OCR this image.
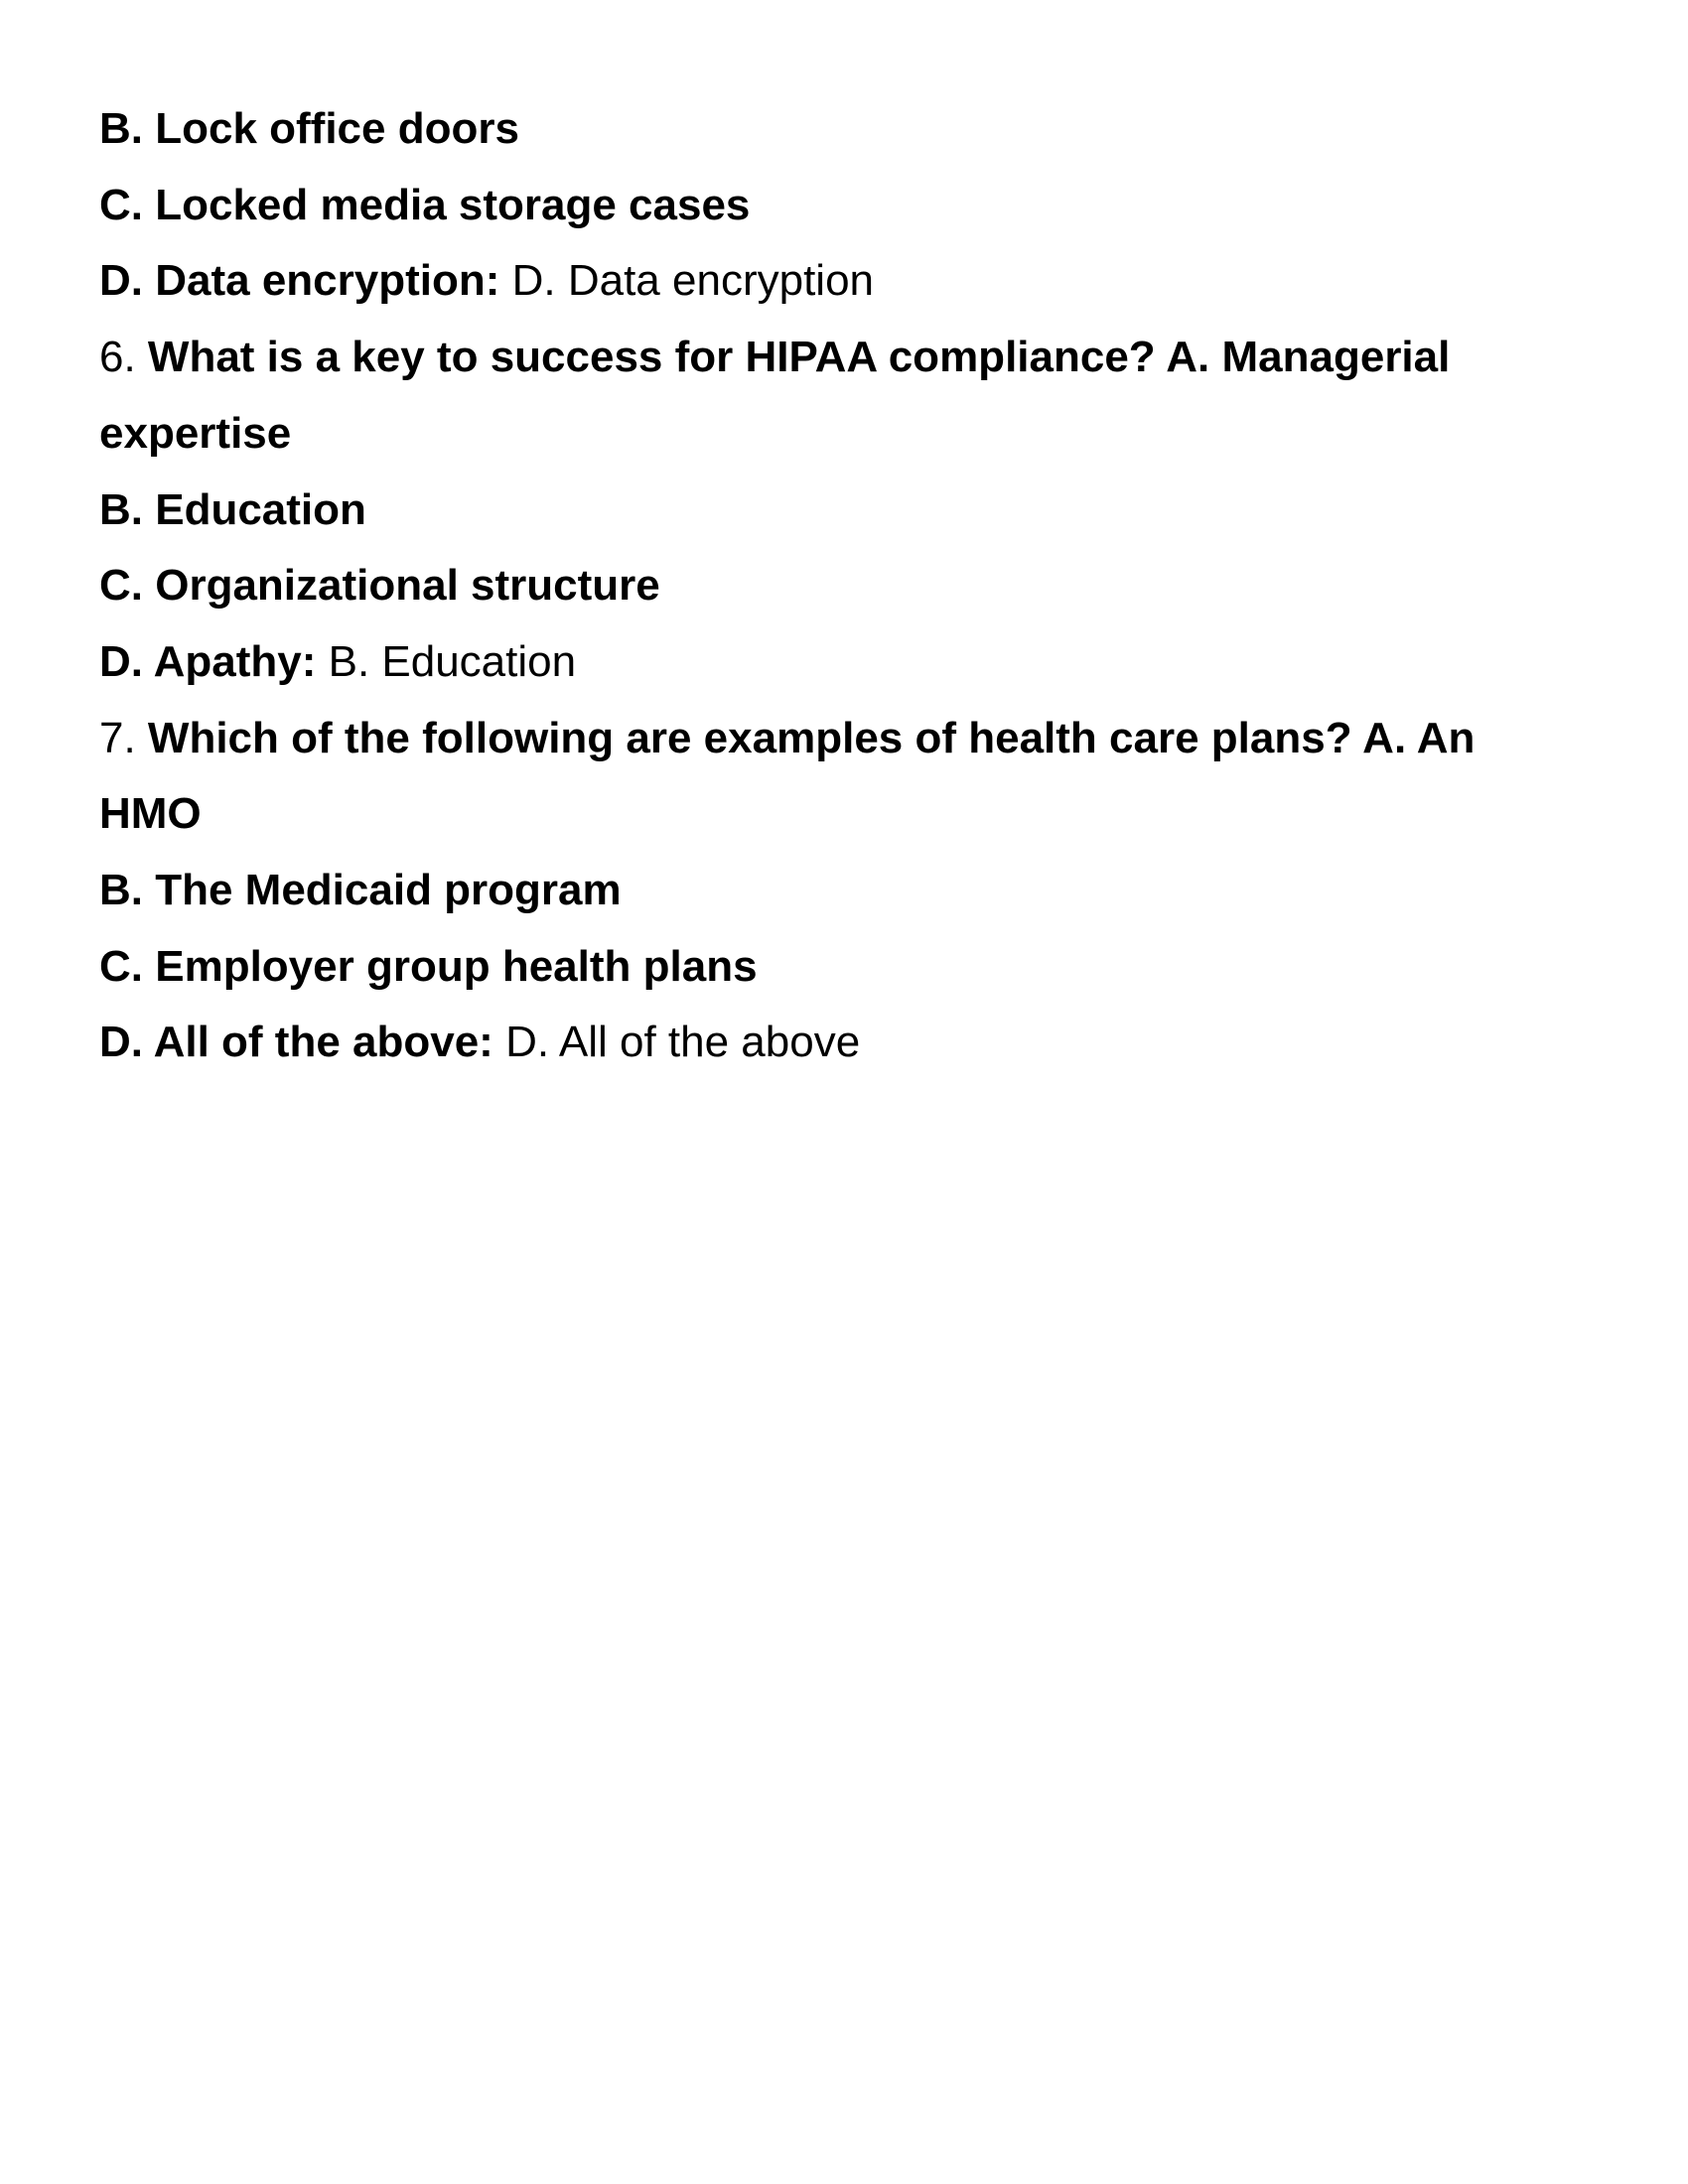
B. Lock office doors
C. Locked media storage cases
D. Data encryption: D. Data encryption
6. What is a key to success for HIPAA compliance? A. Managerial
expertise
B. Education
C. Organizational structure
D. Apathy: B. Education
7. Which of the following are examples of health care plans? A. An
HMO
B. The Medicaid program
C. Employer group health plans
D. All of the above: D. All of the above
